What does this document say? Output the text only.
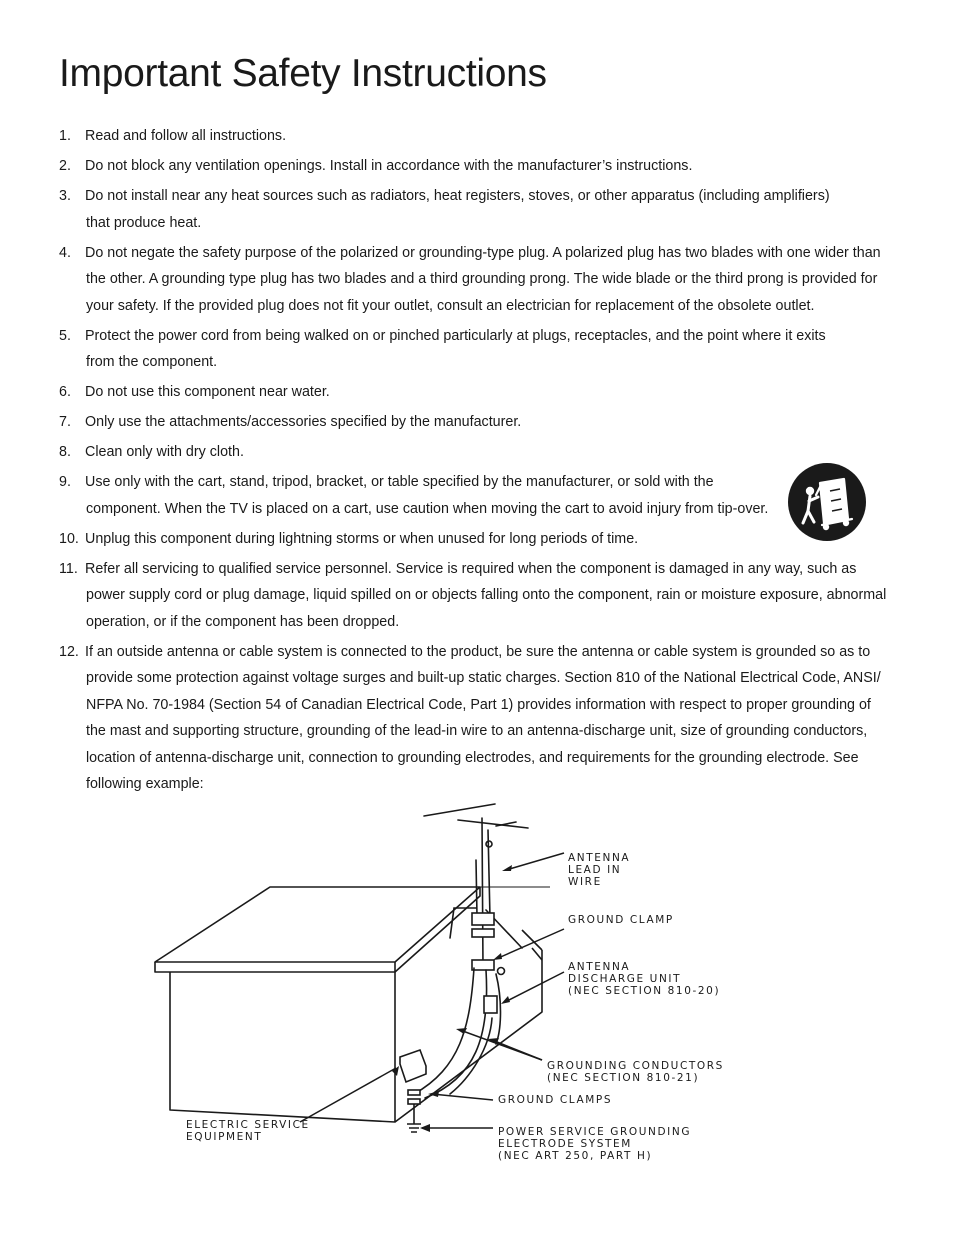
Important Safety Instructions
1. Read and follow all instructions.
2. Do not block any ventilation openings. Install in accordance with the manufacturer’s instructions.
3. Do not install near any heat sources such as radiators, heat registers, stoves, or other apparatus (including amplifiers)
that produce heat.
4. Do not negate the safety purpose of the polarized or grounding-type plug. A polarized plug has two blades with one wider than
the other. A grounding type plug has two blades and a third grounding prong. The wide blade or the third prong is provided for
your safety. If the provided plug does not fit your outlet, consult an electrician for replacement of the obsolete outlet.
5. Protect the power cord from being walked on or pinched particularly at plugs, receptacles, and the point where it exits
from the component.
6. Do not use this component near water.
7. Only use the attachments/accessories specified by the manufacturer.
8. Clean only with dry cloth.
9. Use only with the cart, stand, tripod, bracket, or table specified by the manufacturer, or sold with the
component. When the TV is placed on a cart, use caution when moving the cart to avoid injury from tip-over.
10. Unplug this component during lightning storms or when unused for long periods of time.
11. Refer all servicing to qualified service personnel. Service is required when the component is damaged in any way, such as
power supply cord or plug damage, liquid spilled on or objects falling onto the component, rain or moisture exposure, abnormal
operation, or if the component has been dropped.
12. If an outside antenna or cable system is connected to the product, be sure the antenna or cable system is grounded so as to
provide some protection against voltage surges and built-up static charges. Section 810 of the National Electrical Code, ANSI/
NFPA No. 70-1984 (Section 54 of Canadian Electrical Code, Part 1) provides information with respect to proper grounding of
the mast and supporting structure, grounding of the lead-in wire to an antenna-discharge unit, size of grounding conductors,
location of antenna-discharge unit, connection to grounding electrodes, and requirements for the grounding electrode. See
following example:
ANTENNA LEAD IN WIRE
GROUND CLAMP
ANTENNA DISCHARGE UNIT (NEC SECTION 810-20)
GROUNDING CONDUCTORS (NEC SECTION 810-21)
GROUND CLAMPS
ELECTRIC SERVICE EQUIPMENT	POWER SERVICE GROUNDING ELECTRODE SYSTEM (NEC ART 250, PART H)
